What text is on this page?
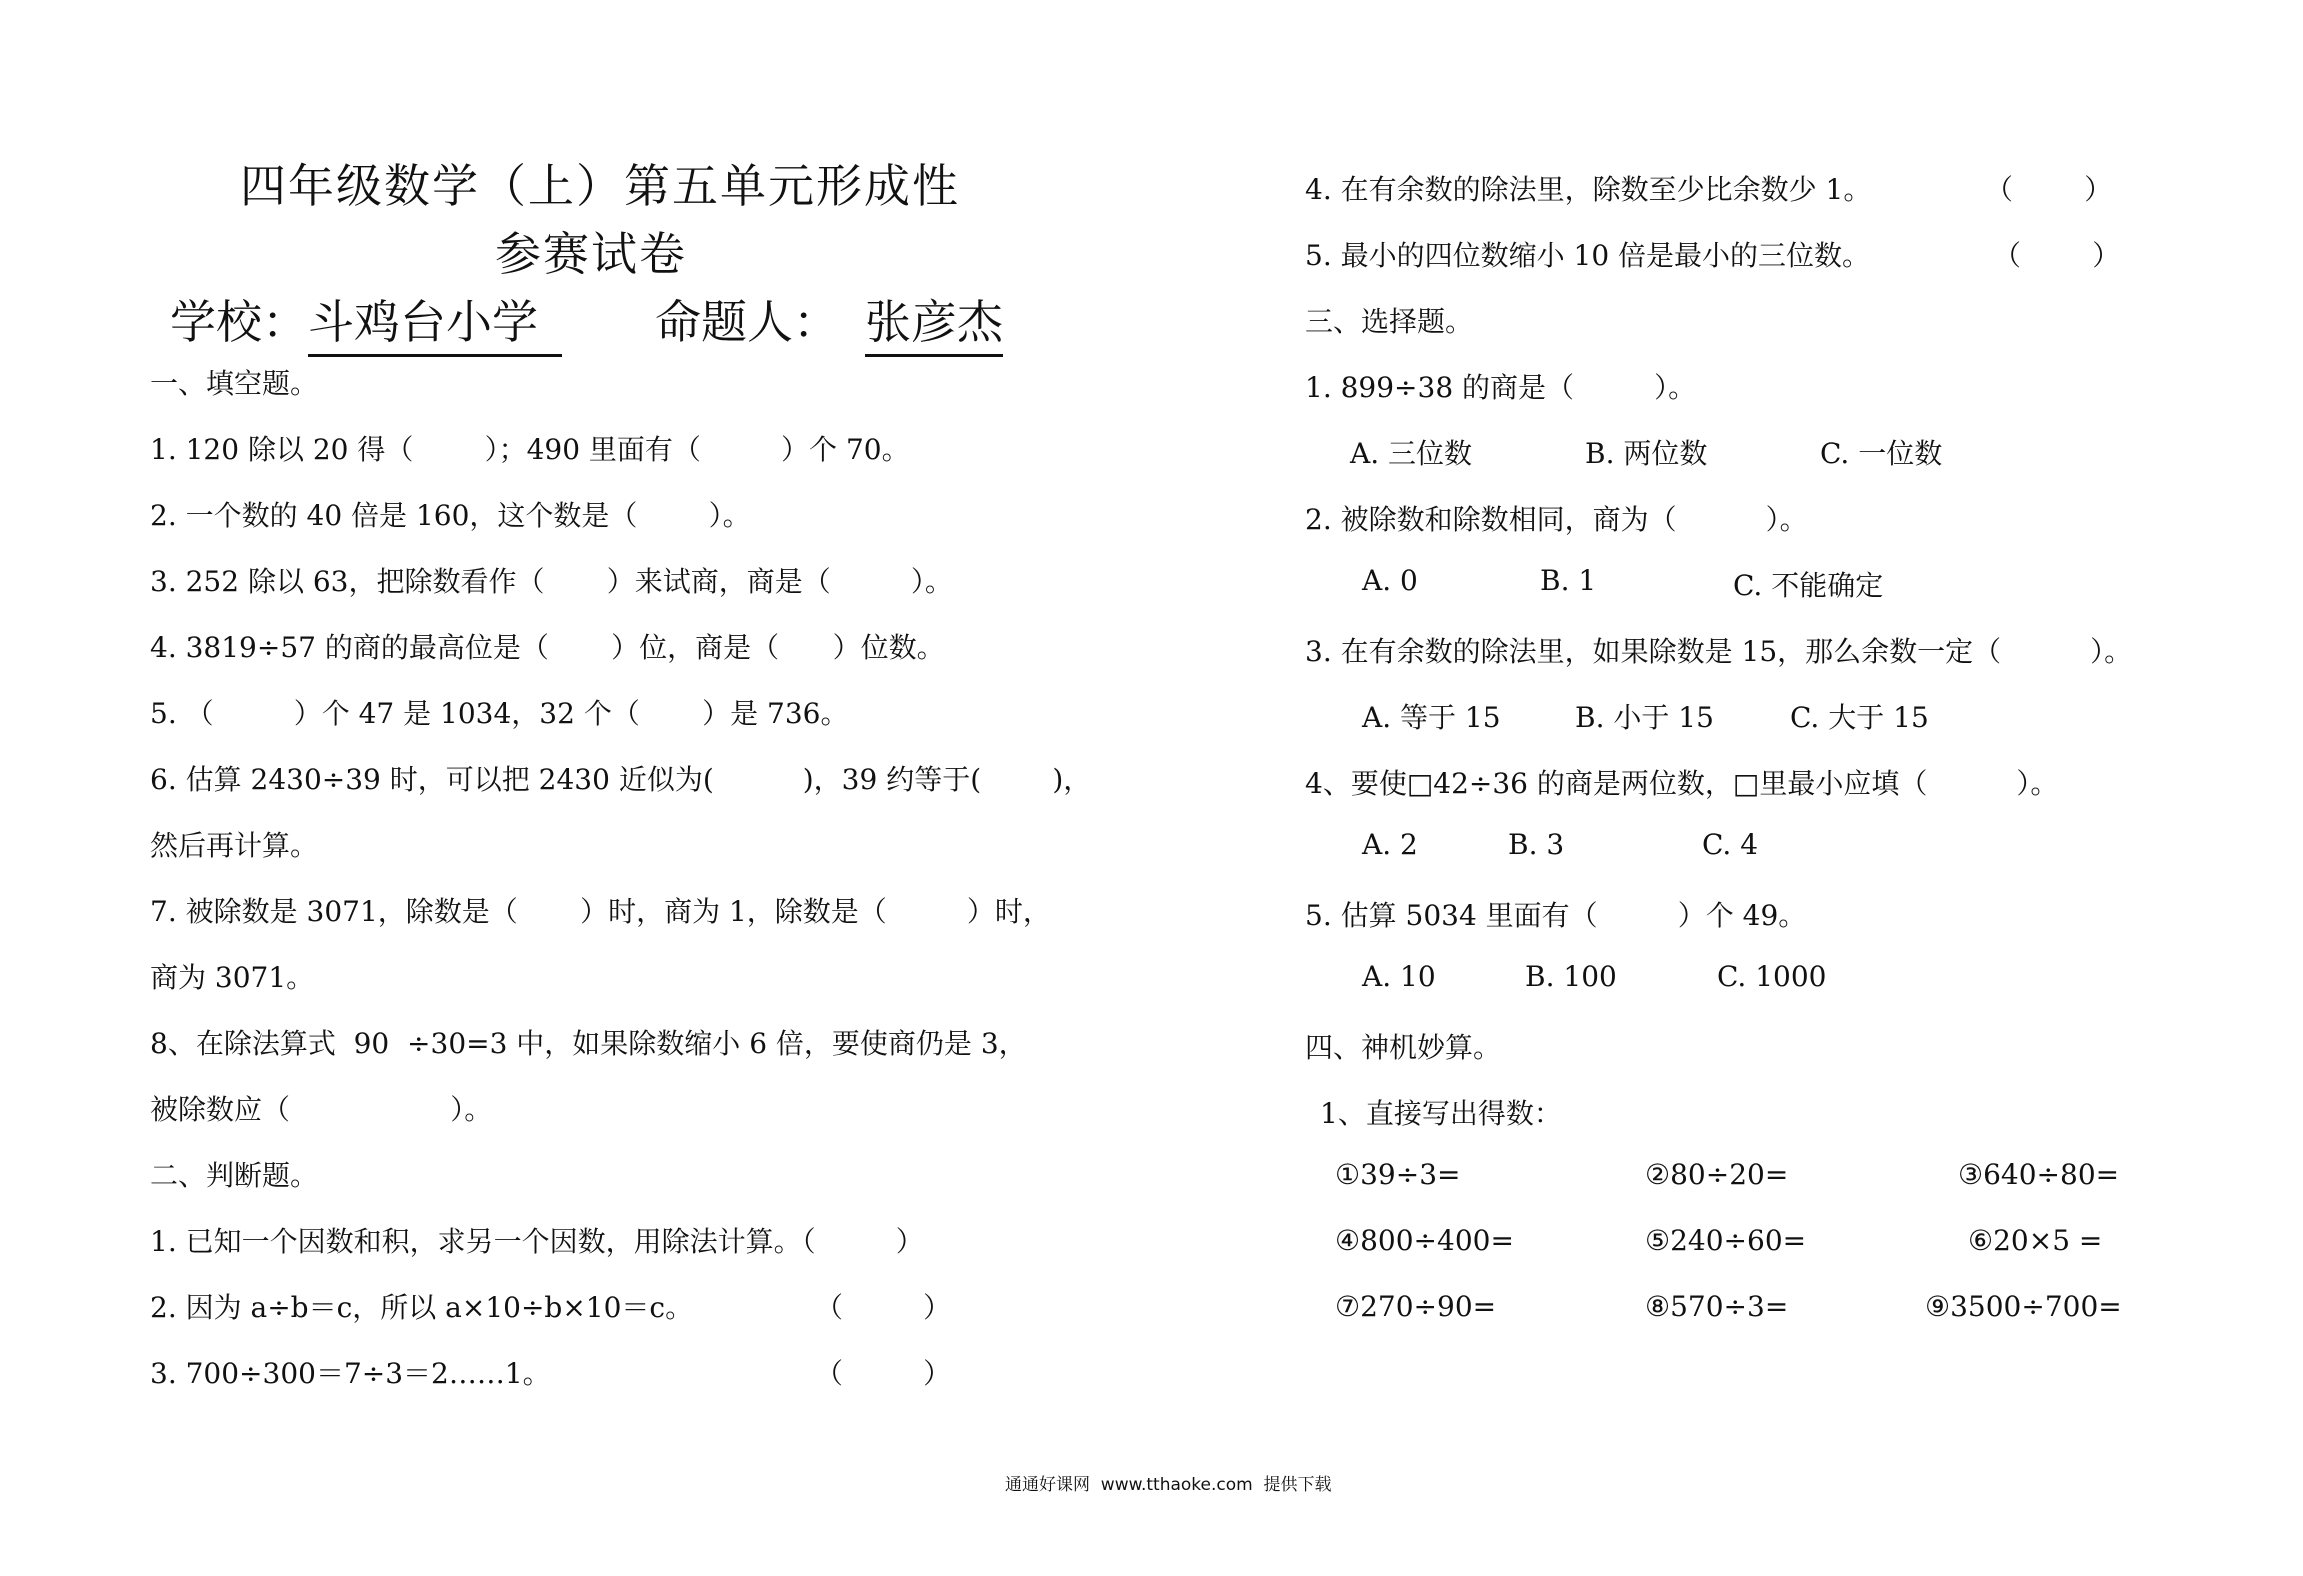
四年级数学（上）第五单元形成性
参赛试卷
学校： 斗鸡台小学	命题人： 张彦杰
一、填空题。
1. 120 除以 20 得（        ）；490 里面有（         ）个 70。
2. 一个数的 40 倍是 160，这个数是（        ）。
3. 252 除以 63，把除数看作（       ）来试商，商是（         ）。
4. 3819÷57 的商的最高位是（       ）位，商是（      ）位数。
5. （         ）个 47 是 1034，32 个（       ）是 736。
6. 估算 2430÷39 时，可以把 2430 近似为(          )，39 约等于(        )，
然后再计算。
7. 被除数是 3071，除数是（       ）时，商为 1，除数是（         ）时，
商为 3071。
8、在除法算式  90  ÷30=3 中，如果除数缩小 6 倍，要使商仍是 3，
被除数应（                  ）。
二、判断题。
1. 已知一个因数和积，求另一个因数，用除法计算。（         ）
2. 因为 a÷b＝c，所以 a×10÷b×10＝c。	（         ）
3. 700÷300＝7÷3＝2……1。	（         ）
4. 在有余数的除法里，除数至少比余数少 1。	（        ）
5. 最小的四位数缩小 10 倍是最小的三位数。	（        ）
三、选择题。
1. 899÷38 的商是（         ）。
A. 三位数	B. 两位数	C. 一位数
2. 被除数和除数相同，商为（          ）。
A. 0	B. 1	C. 不能确定
3. 在有余数的除法里，如果除数是 15，那么余数一定（          ）。
A. 等于 15	B. 小于 15	C. 大于 15
4、要使□42÷36 的商是两位数，□里最小应填（          ）。
A. 2	B. 3	C. 4
5. 估算 5034 里面有（         ）个 49。
A. 10	B. 100	C. 1000
四、神机妙算。
1、直接写出得数：
①39÷3=	②80÷20=	③640÷80=
④800÷400=	⑤240÷60=	⑥20×5 =
⑦270÷90=	⑧570÷3=	⑨3500÷700=
通通好课网  www.tthaoke.com  提供下载
